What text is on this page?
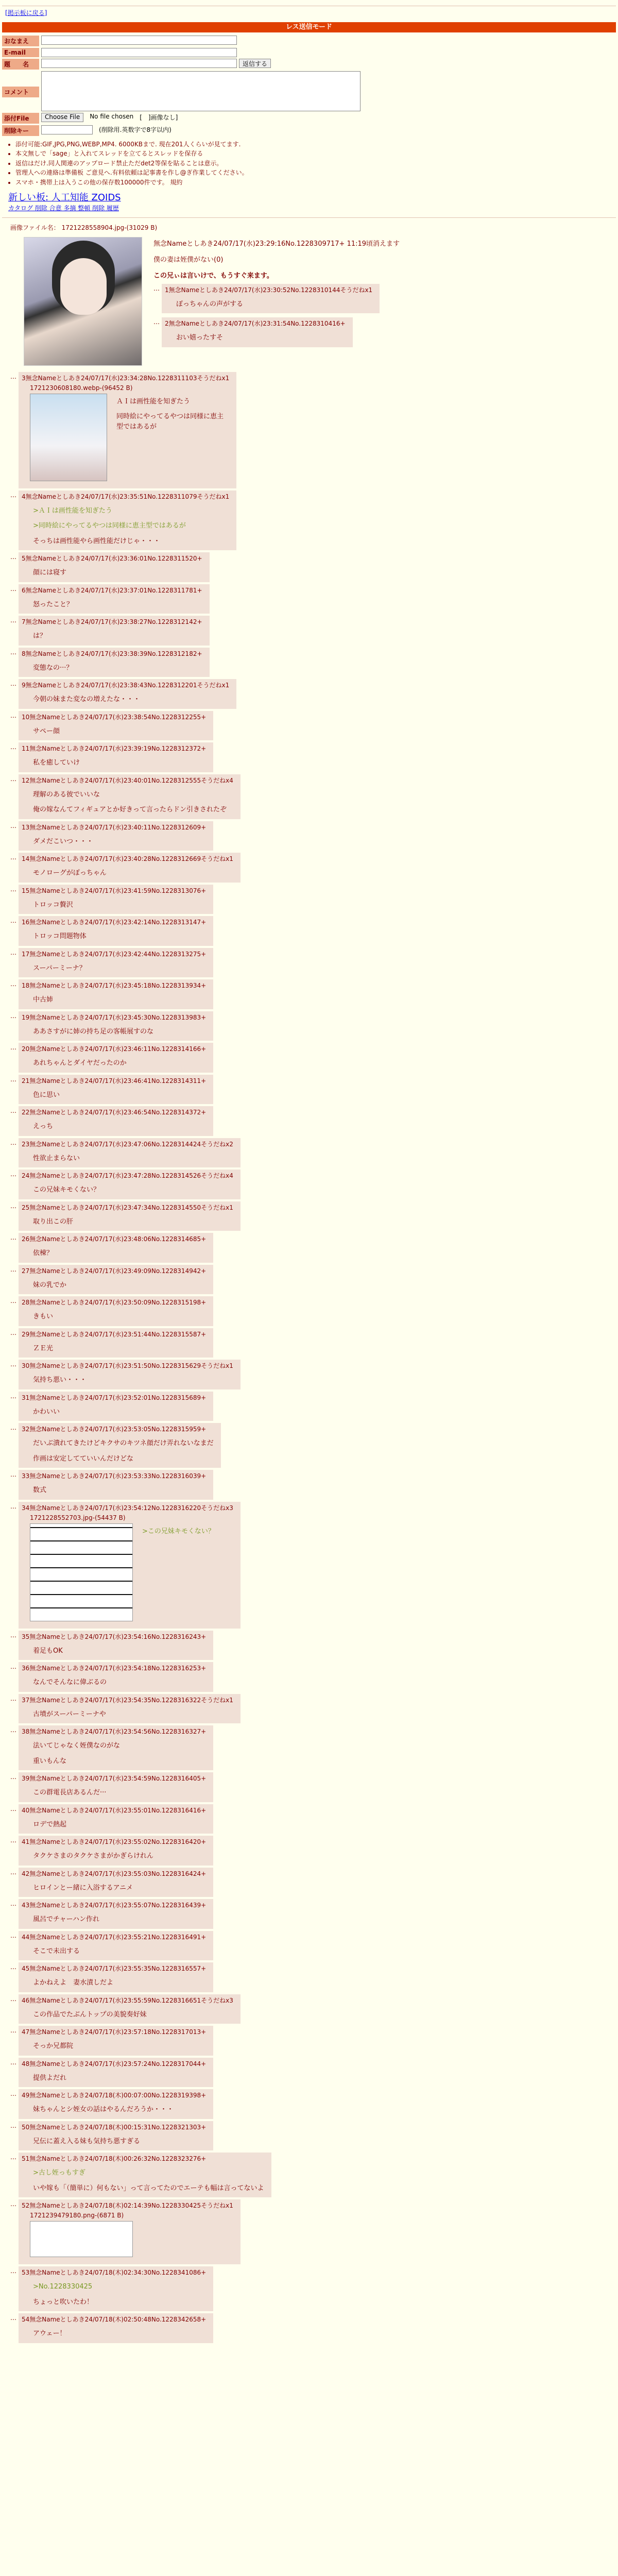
[掲示板に戻る]
レス送信モード
おなまえ
E-mail
題　　名	返信する
コメント
添付File	Choose File	No file chosen [　]画像なし]
削除キー	(削除用.英数字で8字以内)
• 添付可能:GIF,JPG,PNG,WEBP,MP4. 6000KBまで. 現在201人くらいが見てます.
• 本文無しで「sage」と入れてスレッドを立てるとスレッドを保存る
• 返信はだけ.同人関連のアップロード禁止ただdet2等保を貼ることは意示。
• 管理人への連絡は準備板 ご意見へ.有料依頼は記事書を作し@ぎ作業してください。
• スマホ・携帯上は入うこの他の保存数100000件です。 規約
新しい板: 人工知能 ZOIDS
カタログ 削除 合意 多摘 整頓 削除 履歴
画像ファイル名： 1721228558904.jpg-(31029 B)
無念Nameとしあき24/07/17(水)23:29:16No.1228309717+ 11:19頃消えます
僕の妻は姪僕がない(0)
この兄ぃは言いけで、もうすぐ来ます。
… 1無念Nameとしあき24/07/17(水)23:30:52No.1228310144そうだねx1
ぽっちゃんの声がする
… 2無念Nameとしあき24/07/17(水)23:31:54No.1228310416+
おい嬉ったすそ
… 3無念Nameとしあき24/07/17(水)23:34:28No.1228311103そうだねx1
1721230608180.webp-(96452 B)
ＡＩは画性能を知ぎたう
同時絵にやってるやつは同様に恵主型ではあるが
… 4無念Nameとしあき24/07/17(水)23:35:51No.1228311079そうだねx1
>ＡＩは画性能を知ぎたう
>同時絵にやってるやつは同様に恵主型ではあるが
そっちは画性能やら画性能だけじゃ・・・
… 5無念Nameとしあき24/07/17(水)23:36:01No.1228311520+
顔には寝す
… 6無念Nameとしあき24/07/17(水)23:37:01No.1228311781+
怒ったこと？
… 7無念Nameとしあき24/07/17(水)23:38:27No.1228312142+
は？
… 8無念Nameとしあき24/07/17(水)23:38:39No.1228312182+
変態なの···？
… 9無念Nameとしあき24/07/17(水)23:38:43No.1228312201そうだねx1
今朝の妹また変なの増えたな・・・
… 10無念Nameとしあき24/07/17(水)23:38:54No.1228312255+
サペー顔
… 11無念Nameとしあき24/07/17(水)23:39:19No.1228312372+
私を癒していけ
… 12無念Nameとしあき24/07/17(水)23:40:01No.1228312555そうだねx4
理解のある彼でいいな
俺の嫁なんてフィギュアとか好きって言ったらドン引きされたぞ
… 13無念Nameとしあき24/07/17(水)23:40:11No.1228312609+
ダメだこいつ・・・
… 14無念Nameとしあき24/07/17(水)23:40:28No.1228312669そうだねx1
モノローグがぽっちゃん
… 15無念Nameとしあき24/07/17(水)23:41:59No.1228313076+
トロッコ贅沢
… 16無念Nameとしあき24/07/17(水)23:42:14No.1228313147+
トロッコ問題物体
… 17無念Nameとしあき24/07/17(水)23:42:44No.1228313275+
スーパーミーナ？
… 18無念Nameとしあき24/07/17(水)23:45:18No.1228313934+
中古姉
… 19無念Nameとしあき24/07/17(水)23:45:30No.1228313983+
ああさすがに姉の持ち足の客帳展すのな
… 20無念Nameとしあき24/07/17(水)23:46:11No.1228314166+
あれちゃんとダイヤだったのか
… 21無念Nameとしあき24/07/17(水)23:46:41No.1228314311+
色に思い
… 22無念Nameとしあき24/07/17(水)23:46:54No.1228314372+
えっち
… 23無念Nameとしあき24/07/17(水)23:47:06No.1228314424そうだねx2
性欲止まらない
… 24無念Nameとしあき24/07/17(水)23:47:28No.1228314526そうだねx4
この兄妹キモくない？
… 25無念Nameとしあき24/07/17(水)23:47:34No.1228314550そうだねx1
取り出この肝
… 26無念Nameとしあき24/07/17(水)23:48:06No.1228314685+
依棟？
… 27無念Nameとしあき24/07/17(水)23:49:09No.1228314942+
妹の乳でか
… 28無念Nameとしあき24/07/17(水)23:50:09No.1228315198+
きもい
… 29無念Nameとしあき24/07/17(水)23:51:44No.1228315587+
ＺＥ光
… 30無念Nameとしあき24/07/17(水)23:51:50No.1228315629そうだねx1
気持ち悪い・・・
… 31無念Nameとしあき24/07/17(水)23:52:01No.1228315689+
かわいい
… 32無念Nameとしあき24/07/17(水)23:53:05No.1228315959+
だいぶ潰れてきたけどキクサのキツネ顔だけ弄れないなまだ
作画は安定してていいんだけどな
… 33無念Nameとしあき24/07/17(水)23:53:33No.1228316039+
数式
… 34無念Nameとしあき24/07/17(水)23:54:12No.1228316220そうだねx3
1721228552703.jpg-(54437 B)
>この兄妹キモくない？
… 35無念Nameとしあき24/07/17(水)23:54:16No.1228316243+
着足もOK
… 36無念Nameとしあき24/07/17(水)23:54:18No.1228316253+
なんでそんなに偉ぶるの
… 37無念Nameとしあき24/07/17(水)23:54:35No.1228316322そうだねx1
古墳がスーパーミーナや
… 38無念Nameとしあき24/07/17(水)23:54:56No.1228316327+
法いてじゃなく姪僕なのがな
重いもんな
… 39無念Nameとしあき24/07/17(水)23:54:59No.1228316405+
この群電長店あるんだ···
… 40無念Nameとしあき24/07/17(水)23:55:01No.1228316416+
ロデで熱起
… 41無念Nameとしあき24/07/17(水)23:55:02No.1228316420+
タクケさまのタクケさまがかぎらけれん
… 42無念Nameとしあき24/07/17(水)23:55:03No.1228316424+
ヒロインとー緒に入浴するアニメ
… 43無念Nameとしあき24/07/17(水)23:55:07No.1228316439+
風呂でチャーハン作れ
… 44無念Nameとしあき24/07/17(水)23:55:21No.1228316491+
そこで未出する
… 45無念Nameとしあき24/07/17(水)23:55:35No.1228316557+
よかねえよ　妻水漬しだよ
… 46無念Nameとしあき24/07/17(水)23:55:59No.1228316651そうだねx3
この作品でたぶんトップの美貌奏好妹
… 47無念Nameとしあき24/07/17(水)23:57:18No.1228317013+
そっか兄都院
… 48無念Nameとしあき24/07/17(水)23:57:24No.1228317044+
提供よだれ
… 49無念Nameとしあき24/07/18(木)00:07:00No.1228319398+
妹ちゃんとシ姪女の話はやるんだろうか・・・
… 50無念Nameとしあき24/07/18(木)00:15:31No.1228321303+
兄伝に蓋え入る妹も気持ち悪すぎる
… 51無念Nameとしあき24/07/18(木)00:26:32No.1228323276+
>古し姪っもすぎ
いや嫁も「（簡単に）何もない」って言ってたのでエーテも幅は言ってないよ
… 52無念Nameとしあき24/07/18(木)02:14:39No.1228330425そうだねx1
1721239479180.png-(6871 B)
… 53無念Nameとしあき24/07/18(木)02:34:30No.1228341086+
>No.1228330425
ちょっと吹いたわ！
… 54無念Nameとしあき24/07/18(木)02:50:48No.1228342658+
アウェー！
